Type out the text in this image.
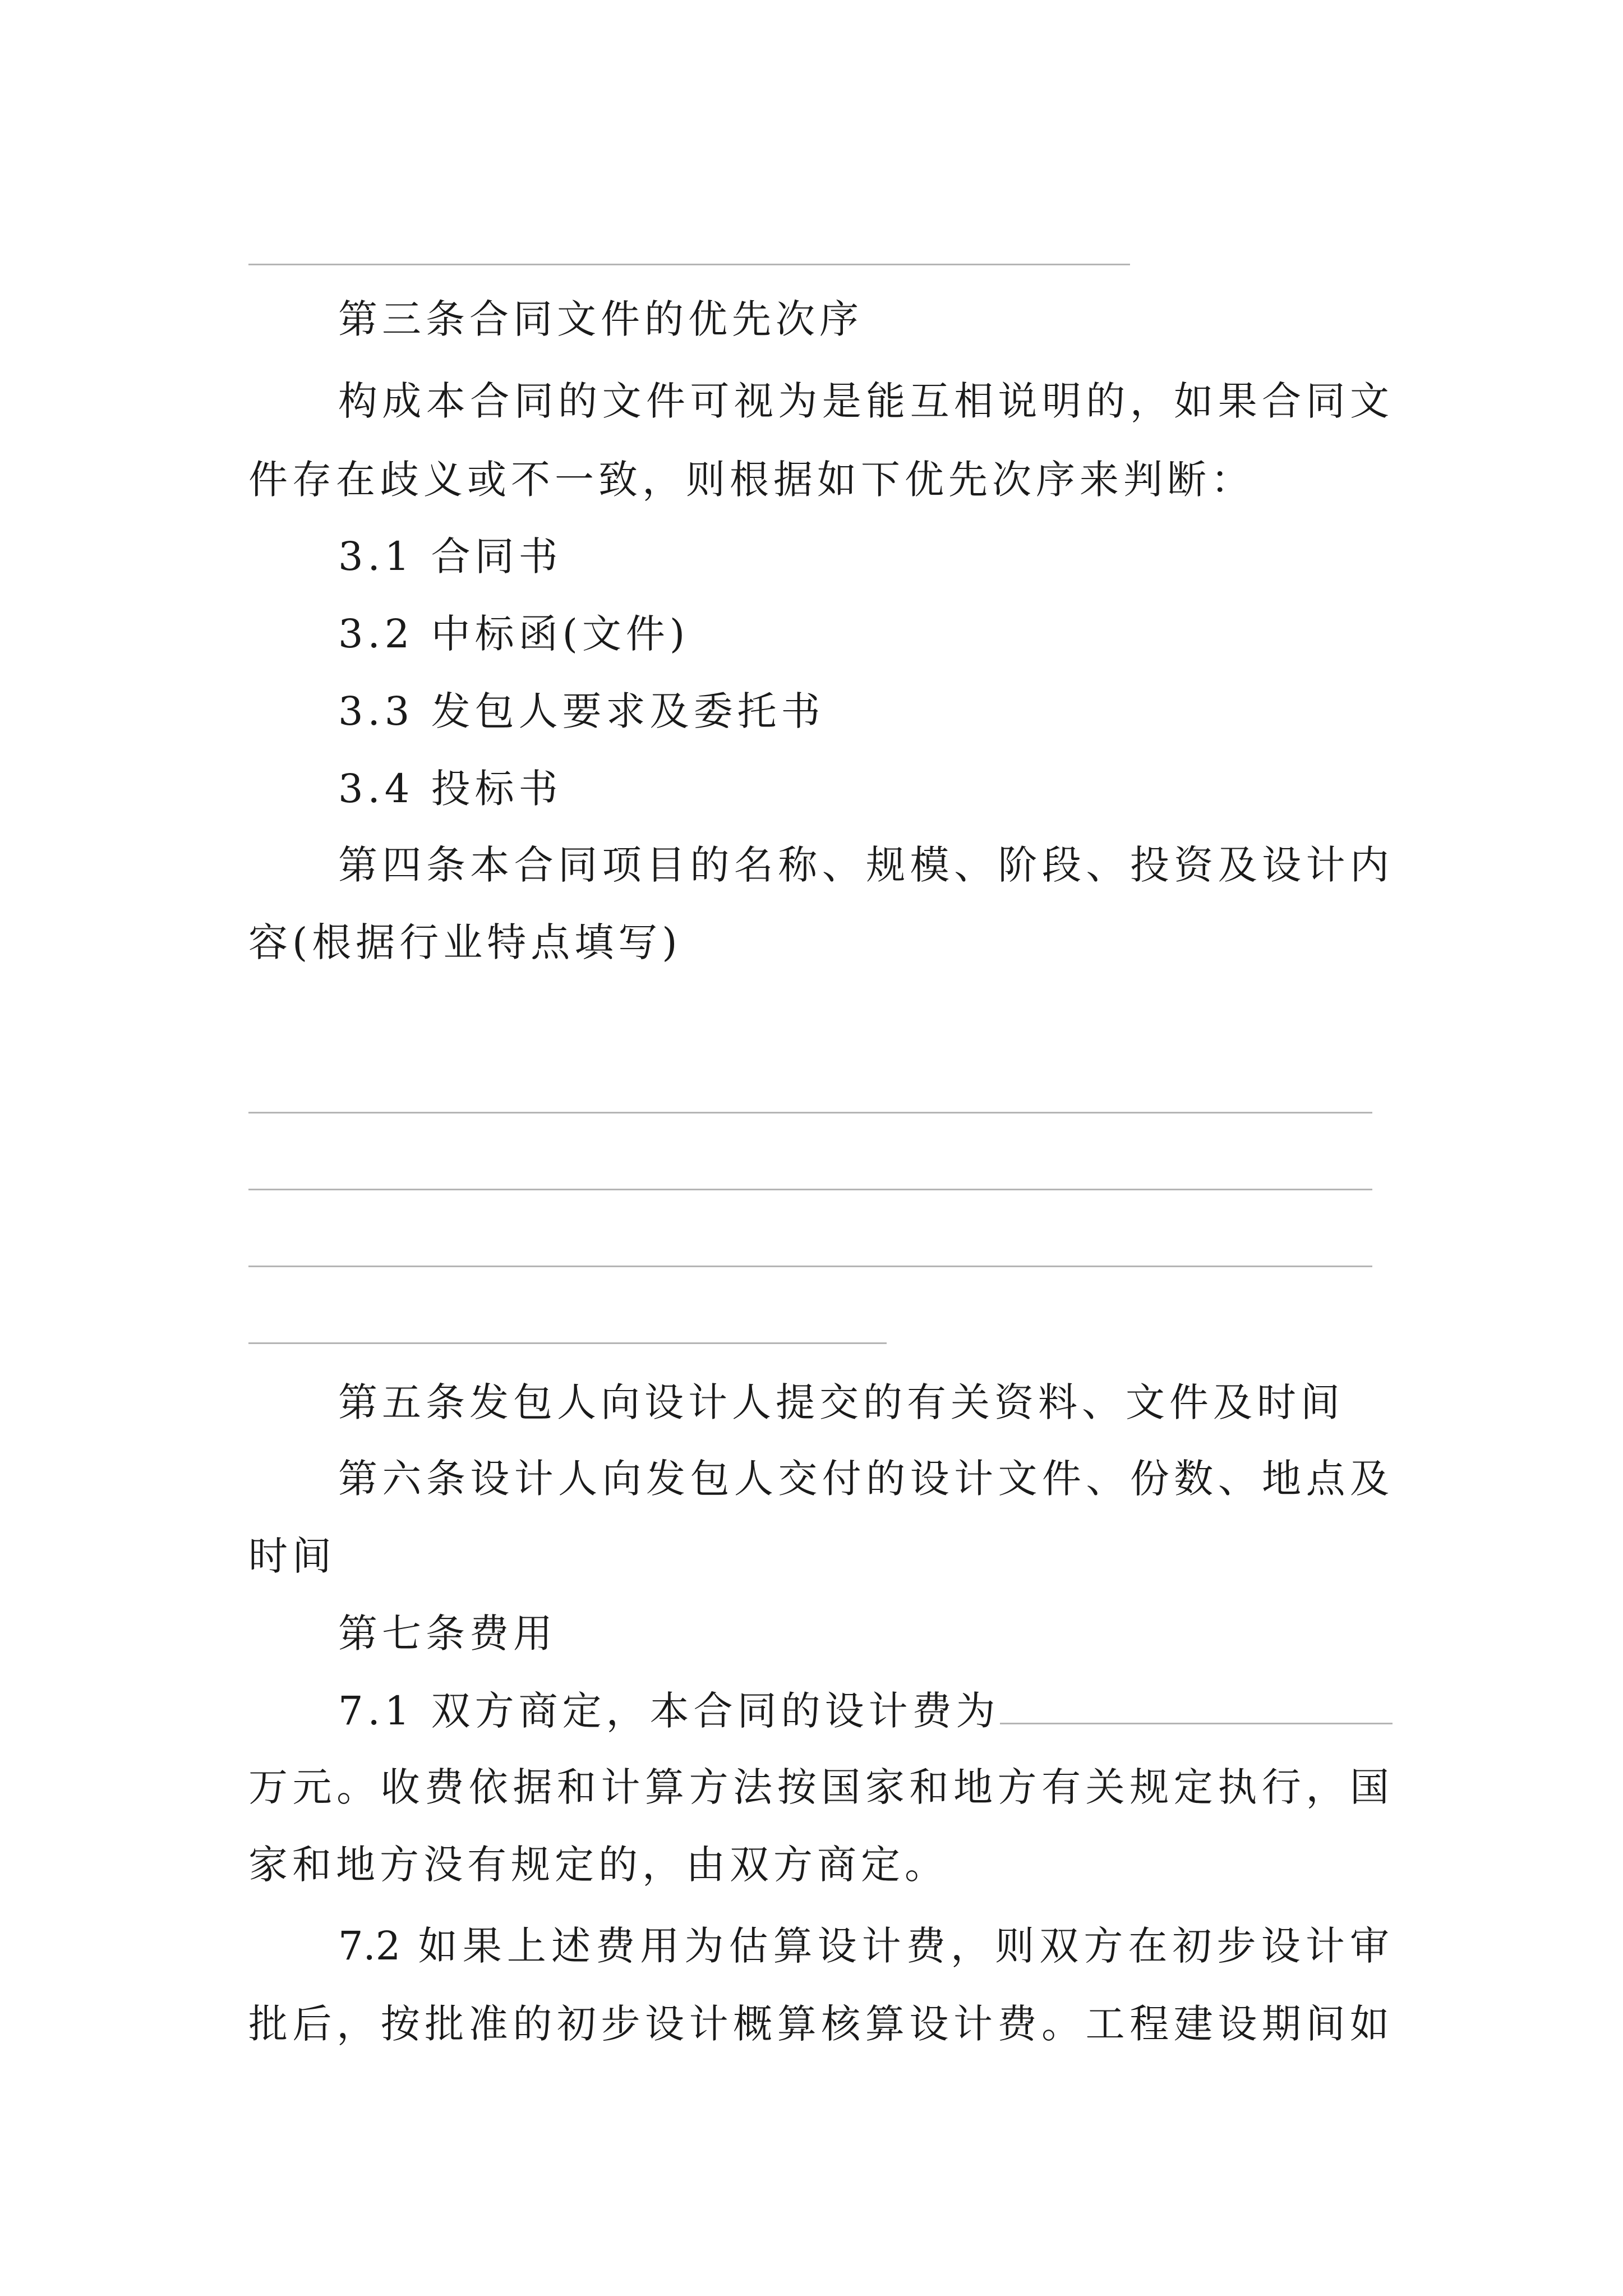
第三条合同文件的优先次序
构成本合同的文件可视为是能互相说明的，如果合同文
件存在歧义或不一致，则根据如下优先次序来判断：
3.1 合同书
3.2 中标函(文件)
3.3 发包人要求及委托书
3.4 投标书
第四条本合同项目的名称、规模、阶段、投资及设计内
容(根据行业特点填写)
第五条发包人向设计人提交的有关资料、文件及时间
第六条设计人向发包人交付的设计文件、份数、地点及
时间
第七条费用
7.1 双方商定，本合同的设计费为
万元。收费依据和计算方法按国家和地方有关规定执行，国
家和地方没有规定的，由双方商定。
7.2 如果上述费用为估算设计费，则双方在初步设计审
批后，按批准的初步设计概算核算设计费。工程建设期间如
